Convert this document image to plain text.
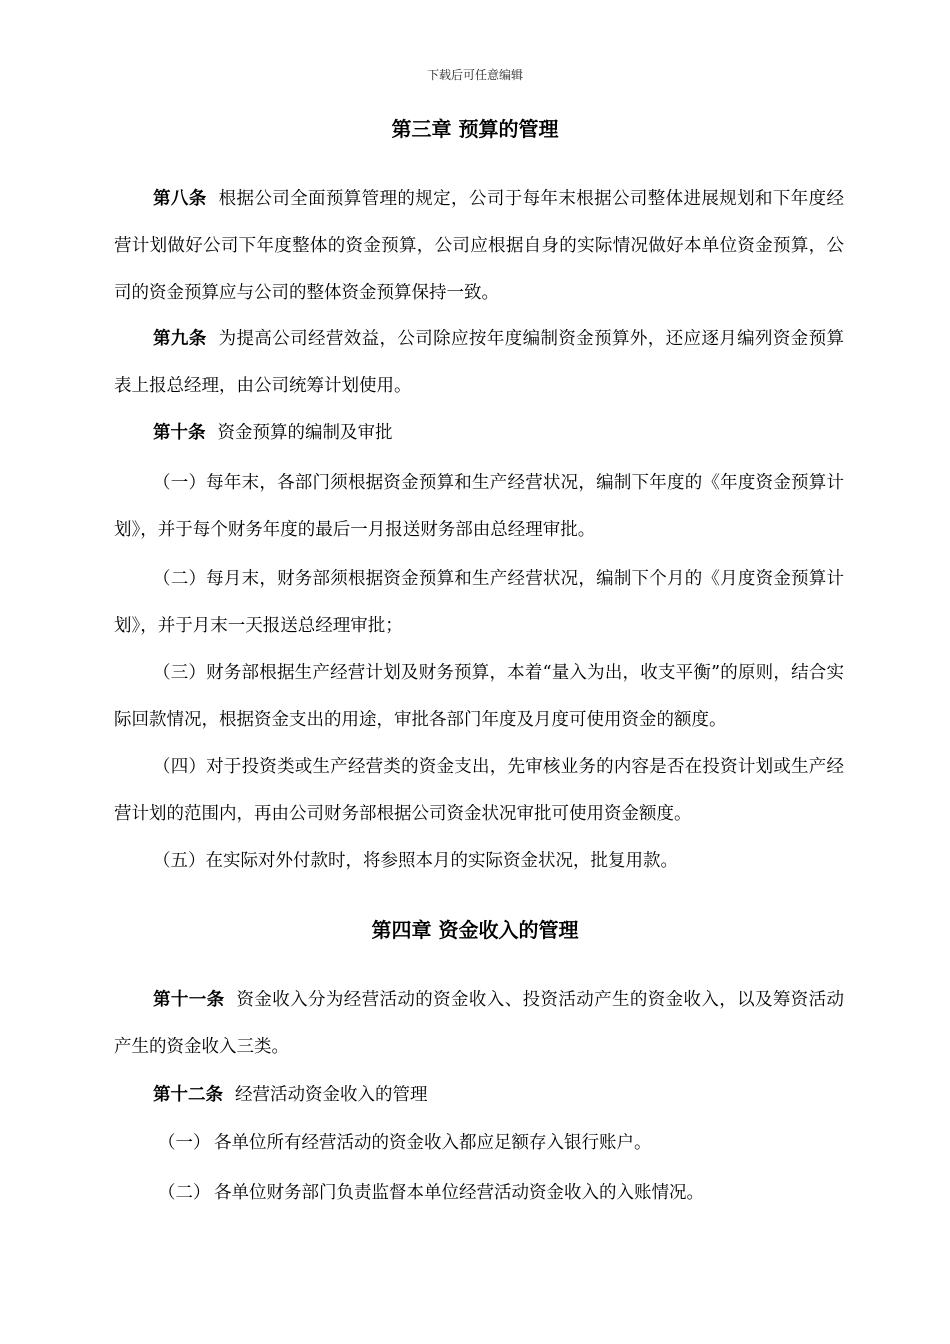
下载后可任意编辑
第三章 预算的管理

第八条 根据公司全面预算管理的规定，公司于每年末根据公司整体进展规划和下年度经营计划做好公司下年度整体的资金预算，公司应根据自身的实际情况做好本单位资金预算，公司的资金预算应与公司的整体资金预算保持一致。

第九条 为提高公司经营效益，公司除应按年度编制资金预算外，还应逐月编列资金预算表上报总经理，由公司统筹计划使用。

第十条 资金预算的编制及审批

（一）每年末，各部门须根据资金预算和生产经营状况，编制下年度的《年度资金预算计划》，并于每个财务年度的最后一月报送财务部由总经理审批。

（二）每月末，财务部须根据资金预算和生产经营状况，编制下个月的《月度资金预算计划》，并于月末一天报送总经理审批；

（三）财务部根据生产经营计划及财务预算，本着“量入为出，收支平衡”的原则，结合实际回款情况，根据资金支出的用途，审批各部门年度及月度可使用资金的额度。

（四）对于投资类或生产经营类的资金支出，先审核业务的内容是否在投资计划或生产经营计划的范围内，再由公司财务部根据公司资金状况审批可使用资金额度。

（五）在实际对外付款时，将参照本月的实际资金状况，批复用款。

第四章 资金收入的管理

第十一条 资金收入分为经营活动的资金收入、投资活动产生的资金收入，以及筹资活动产生的资金收入三类。

第十二条 经营活动资金收入的管理

（一） 各单位所有经营活动的资金收入都应足额存入银行账户。

（二） 各单位财务部门负责监督本单位经营活动资金收入的入账情况。
